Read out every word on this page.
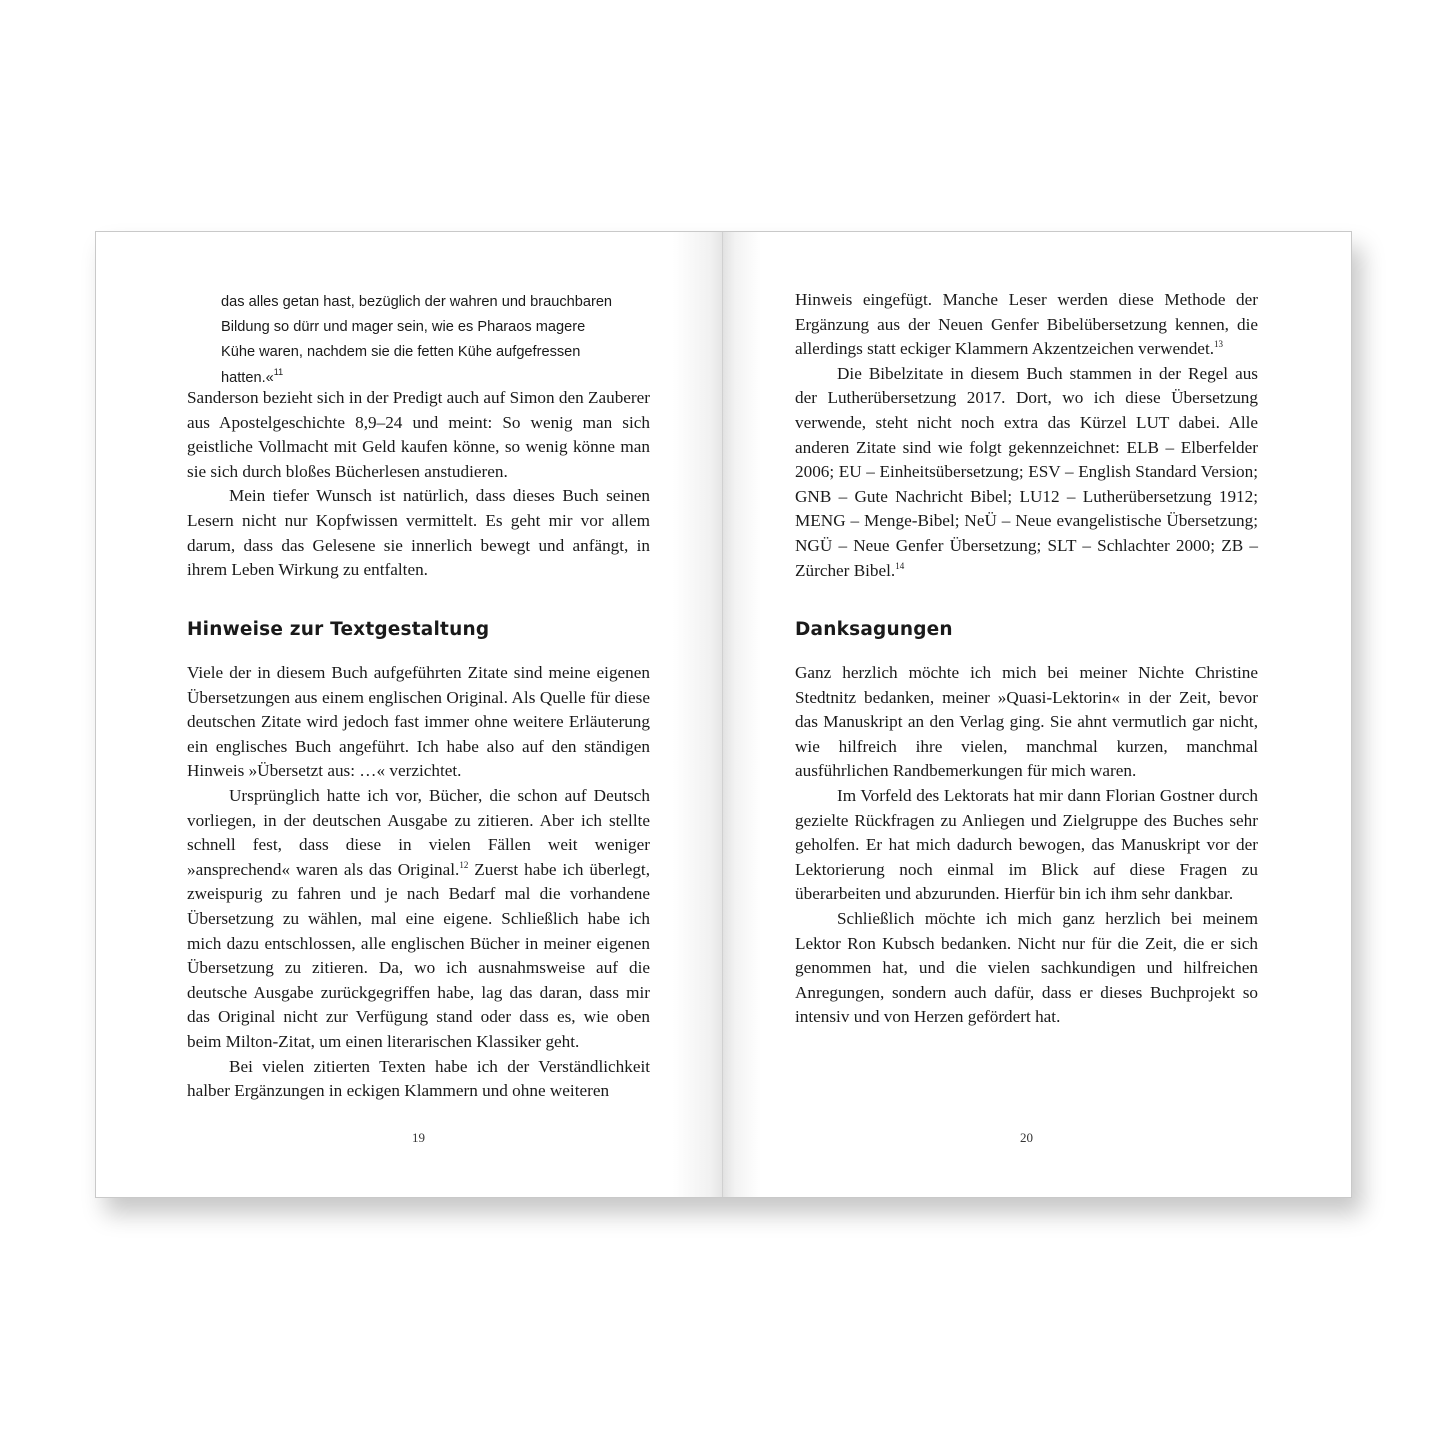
das alles getan hast, bezüglich der wahren und brauchbaren Bildung so dürr und mager sein, wie es Pharaos magere Kühe waren, nachdem sie die fetten Kühe aufgefressen hatten.«$^{11}$

Sanderson bezieht sich in der Predigt auch auf Simon den Zauberer aus Apostelgeschichte 8,9–24 und meint: So wenig man sich geistliche Vollmacht mit Geld kaufen könne, so wenig könne man sie sich durch bloßes Bücherlesen anstudieren.

Mein tiefer Wunsch ist natürlich, dass dieses Buch seinen Lesern nicht nur Kopfwissen vermittelt. Es geht mir vor allem darum, dass das Gelesene sie innerlich bewegt und anfängt, in ihrem Leben Wirkung zu entfalten.

Hinweise zur Textgestaltung

Viele der in diesem Buch aufgeführten Zitate sind meine eigenen Übersetzungen aus einem englischen Original. Als Quelle für diese deutschen Zitate wird jedoch fast immer ohne weitere Erläuterung ein englisches Buch angeführt. Ich habe also auf den ständigen Hinweis »Übersetzt aus: …« verzichtet.

Ursprünglich hatte ich vor, Bücher, die schon auf Deutsch vorliegen, in der deutschen Ausgabe zu zitieren. Aber ich stellte schnell fest, dass diese in vielen Fällen weit weniger »ansprechend« waren als das Original.$^{12}$ Zuerst habe ich überlegt, zweispurig zu fahren und je nach Bedarf mal die vorhandene Übersetzung zu wählen, mal eine eigene. Schließlich habe ich mich dazu entschlossen, alle englischen Bücher in meiner eigenen Übersetzung zu zitieren. Da, wo ich ausnahmsweise auf die deutsche Ausgabe zurückgegriffen habe, lag das daran, dass mir das Original nicht zur Verfügung stand oder dass es, wie oben beim Milton-Zitat, um einen literarischen Klassiker geht.

Bei vielen zitierten Texten habe ich der Verständlichkeit halber Ergänzungen in eckigen Klammern und ohne weiteren

19

Hinweis eingefügt. Manche Leser werden diese Methode der Ergänzung aus der Neuen Genfer Bibelübersetzung kennen, die allerdings statt eckiger Klammern Akzentzeichen verwendet.$^{13}$

Die Bibelzitate in diesem Buch stammen in der Regel aus der Lutherübersetzung 2017. Dort, wo ich diese Übersetzung verwende, steht nicht noch extra das Kürzel LUT dabei. Alle anderen Zitate sind wie folgt gekennzeichnet: ELB – Elberfelder 2006; EU – Einheitsübersetzung; ESV – English Standard Version; GNB – Gute Nachricht Bibel; LU12 – Lutherübersetzung 1912; MENG – Menge-Bibel; NeÜ – Neue evangelistische Übersetzung; NGÜ – Neue Genfer Übersetzung; SLT – Schlachter 2000; ZB – Zürcher Bibel.$^{14}$

Danksagungen

Ganz herzlich möchte ich mich bei meiner Nichte Christine Stedtnitz bedanken, meiner »Quasi-Lektorin« in der Zeit, bevor das Manuskript an den Verlag ging. Sie ahnt vermutlich gar nicht, wie hilfreich ihre vielen, manchmal kurzen, manchmal ausführlichen Randbemerkungen für mich waren.

Im Vorfeld des Lektorats hat mir dann Florian Gostner durch gezielte Rückfragen zu Anliegen und Zielgruppe des Buches sehr geholfen. Er hat mich dadurch bewogen, das Manuskript vor der Lektorierung noch einmal im Blick auf diese Fragen zu überarbeiten und abzurunden. Hierfür bin ich ihm sehr dankbar.

Schließlich möchte ich mich ganz herzlich bei meinem Lektor Ron Kubsch bedanken. Nicht nur für die Zeit, die er sich genommen hat, und die vielen sachkundigen und hilfreichen Anregungen, sondern auch dafür, dass er dieses Buchprojekt so intensiv und von Herzen gefördert hat.

20
